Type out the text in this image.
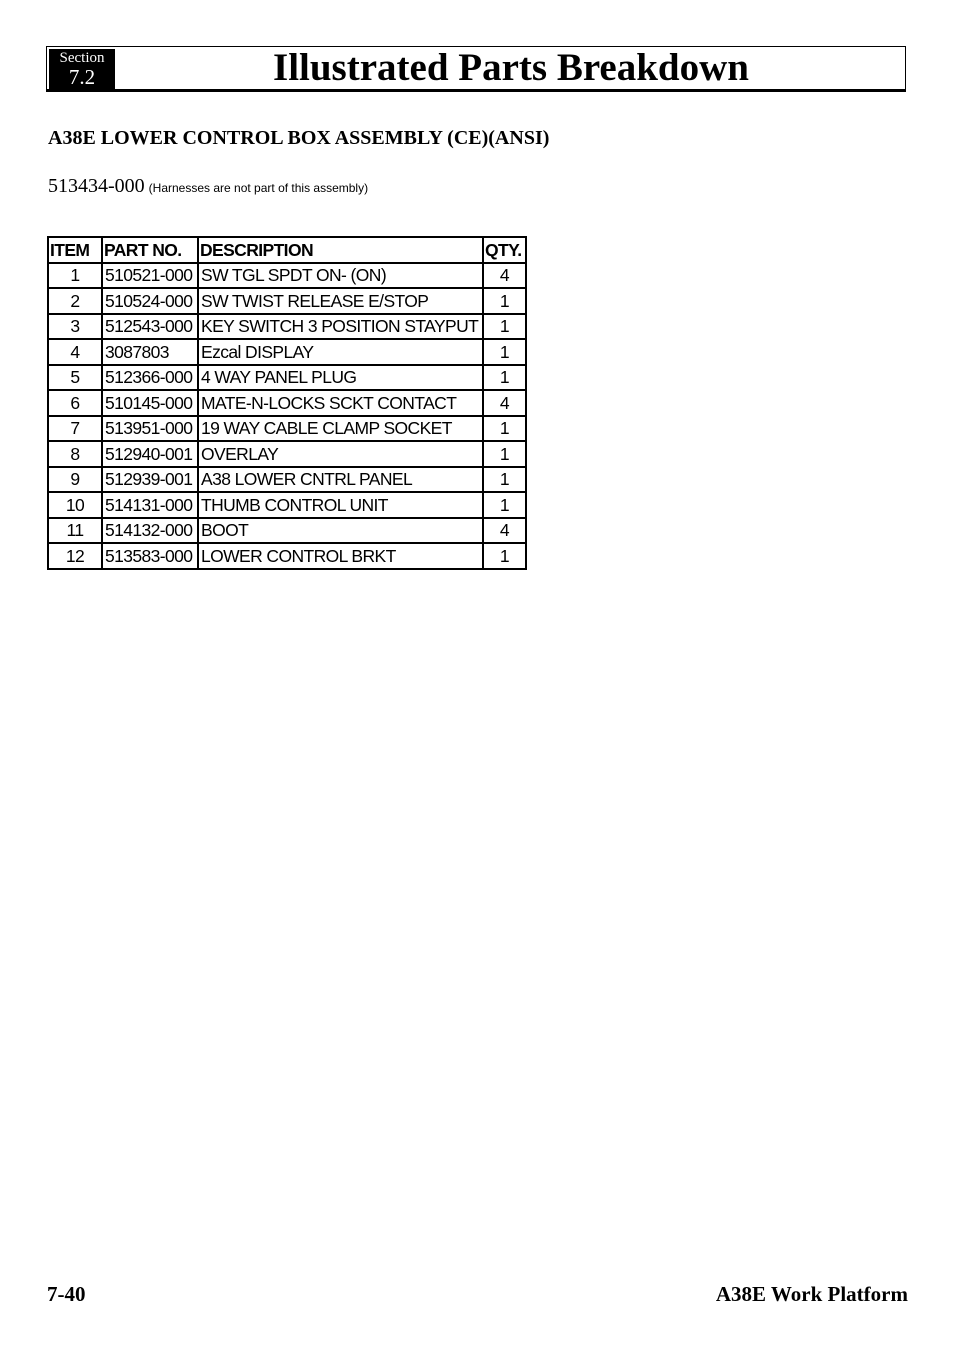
Section
7.2	Illustrated Parts Breakdown
A38E LOWER CONTROL BOX ASSEMBLY (CE)(ANSI)
513434-000 (Harnesses are not part of this assembly)
ITEM	PART NO.	DESCRIPTION	QTY.
1	510521-000	SW TGL SPDT ON- (ON)	4
2	510524-000	SW TWIST RELEASE E/STOP	1
3	512543-000	KEY SWITCH 3 POSITION STAYPUT	1
4	3087803	Ezcal DISPLAY	1
5	512366-000	4 WAY PANEL PLUG	1
6	510145-000	MATE-N-LOCKS SCKT CONTACT	4
7	513951-000	19 WAY CABLE CLAMP SOCKET	1
8	512940-001	OVERLAY	1
9	512939-001	A38 LOWER CNTRL PANEL	1
10	514131-000	THUMB CONTROL UNIT	1
11	514132-000	BOOT	4
12	513583-000	LOWER CONTROL BRKT	1
7-40	A38E Work Platform
